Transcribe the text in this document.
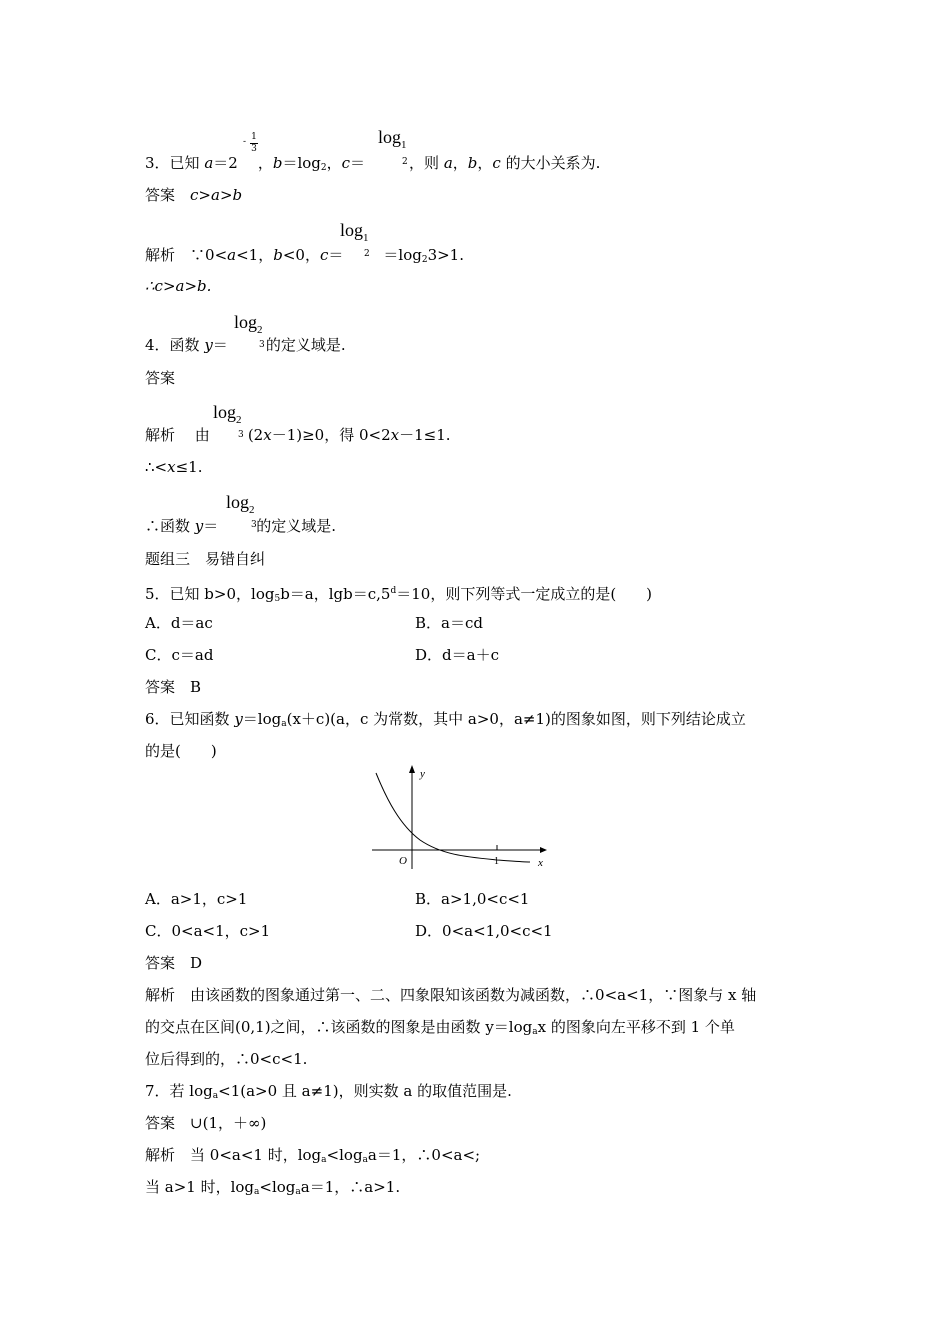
- 1
3
$\log_1$
2
3．已知 a＝2 ，$b=\log_2$，c＝	，则 a，b，c 的大小关系为.
答案　 c>a>b
$\log_1$
2
解析　 ∵0<a<1，b<0，c＝	$=\log_23>1$.
∴c>a>b.
$\log_2$
3
4．函数 y＝	的定义域是.
答案
$\log_2$
3
解析　 由	(2x－1)≥0，得 0<2x－1≤1.
∴<x≤1.
$\log_2$
3
∴函数 y＝	的定义域是.
题组三　易错自纠
5．已知 b>0，$\log_5b=a$，lgb＝c,5$^d$＝10，则下列等式一定成立的是(　　)
A．d＝ac	B．a＝cd
C．c＝ad	D．d＝a＋c
答案　 B
6．已知函数 $y=\log_a(x+c)(a$，c 为常数，其中 a>0，a≠1)的图象如图，则下列结论成立
的是(　　)
y
x
O	1
A．a>1，c>1	B．a>1,0<c<1
C．0<a<1，c>1	D．0<a<1,0<c<1
答案　 D
解析　 由该函数的图象通过第一、二、四象限知该函数为减函数，∴0<a<1，∵图象与 x 轴
的交点在区间(0,1)之间，∴该函数的图象是由函数 $y=\log_ax$ 的图象向左平移不到 1 个单
位后得到的，∴0<c<1.
7．若 $\log_a<1(a>0$ 且 a≠1)，则实数 a 的取值范围是.
答案　 ∪(1，＋∞)
解析　 当 0<a<1 时，$\log_a<\log_aa=1$，∴0<a<;
当 a>1 时，$\log_a<\log_aa=1$，∴a>1.
